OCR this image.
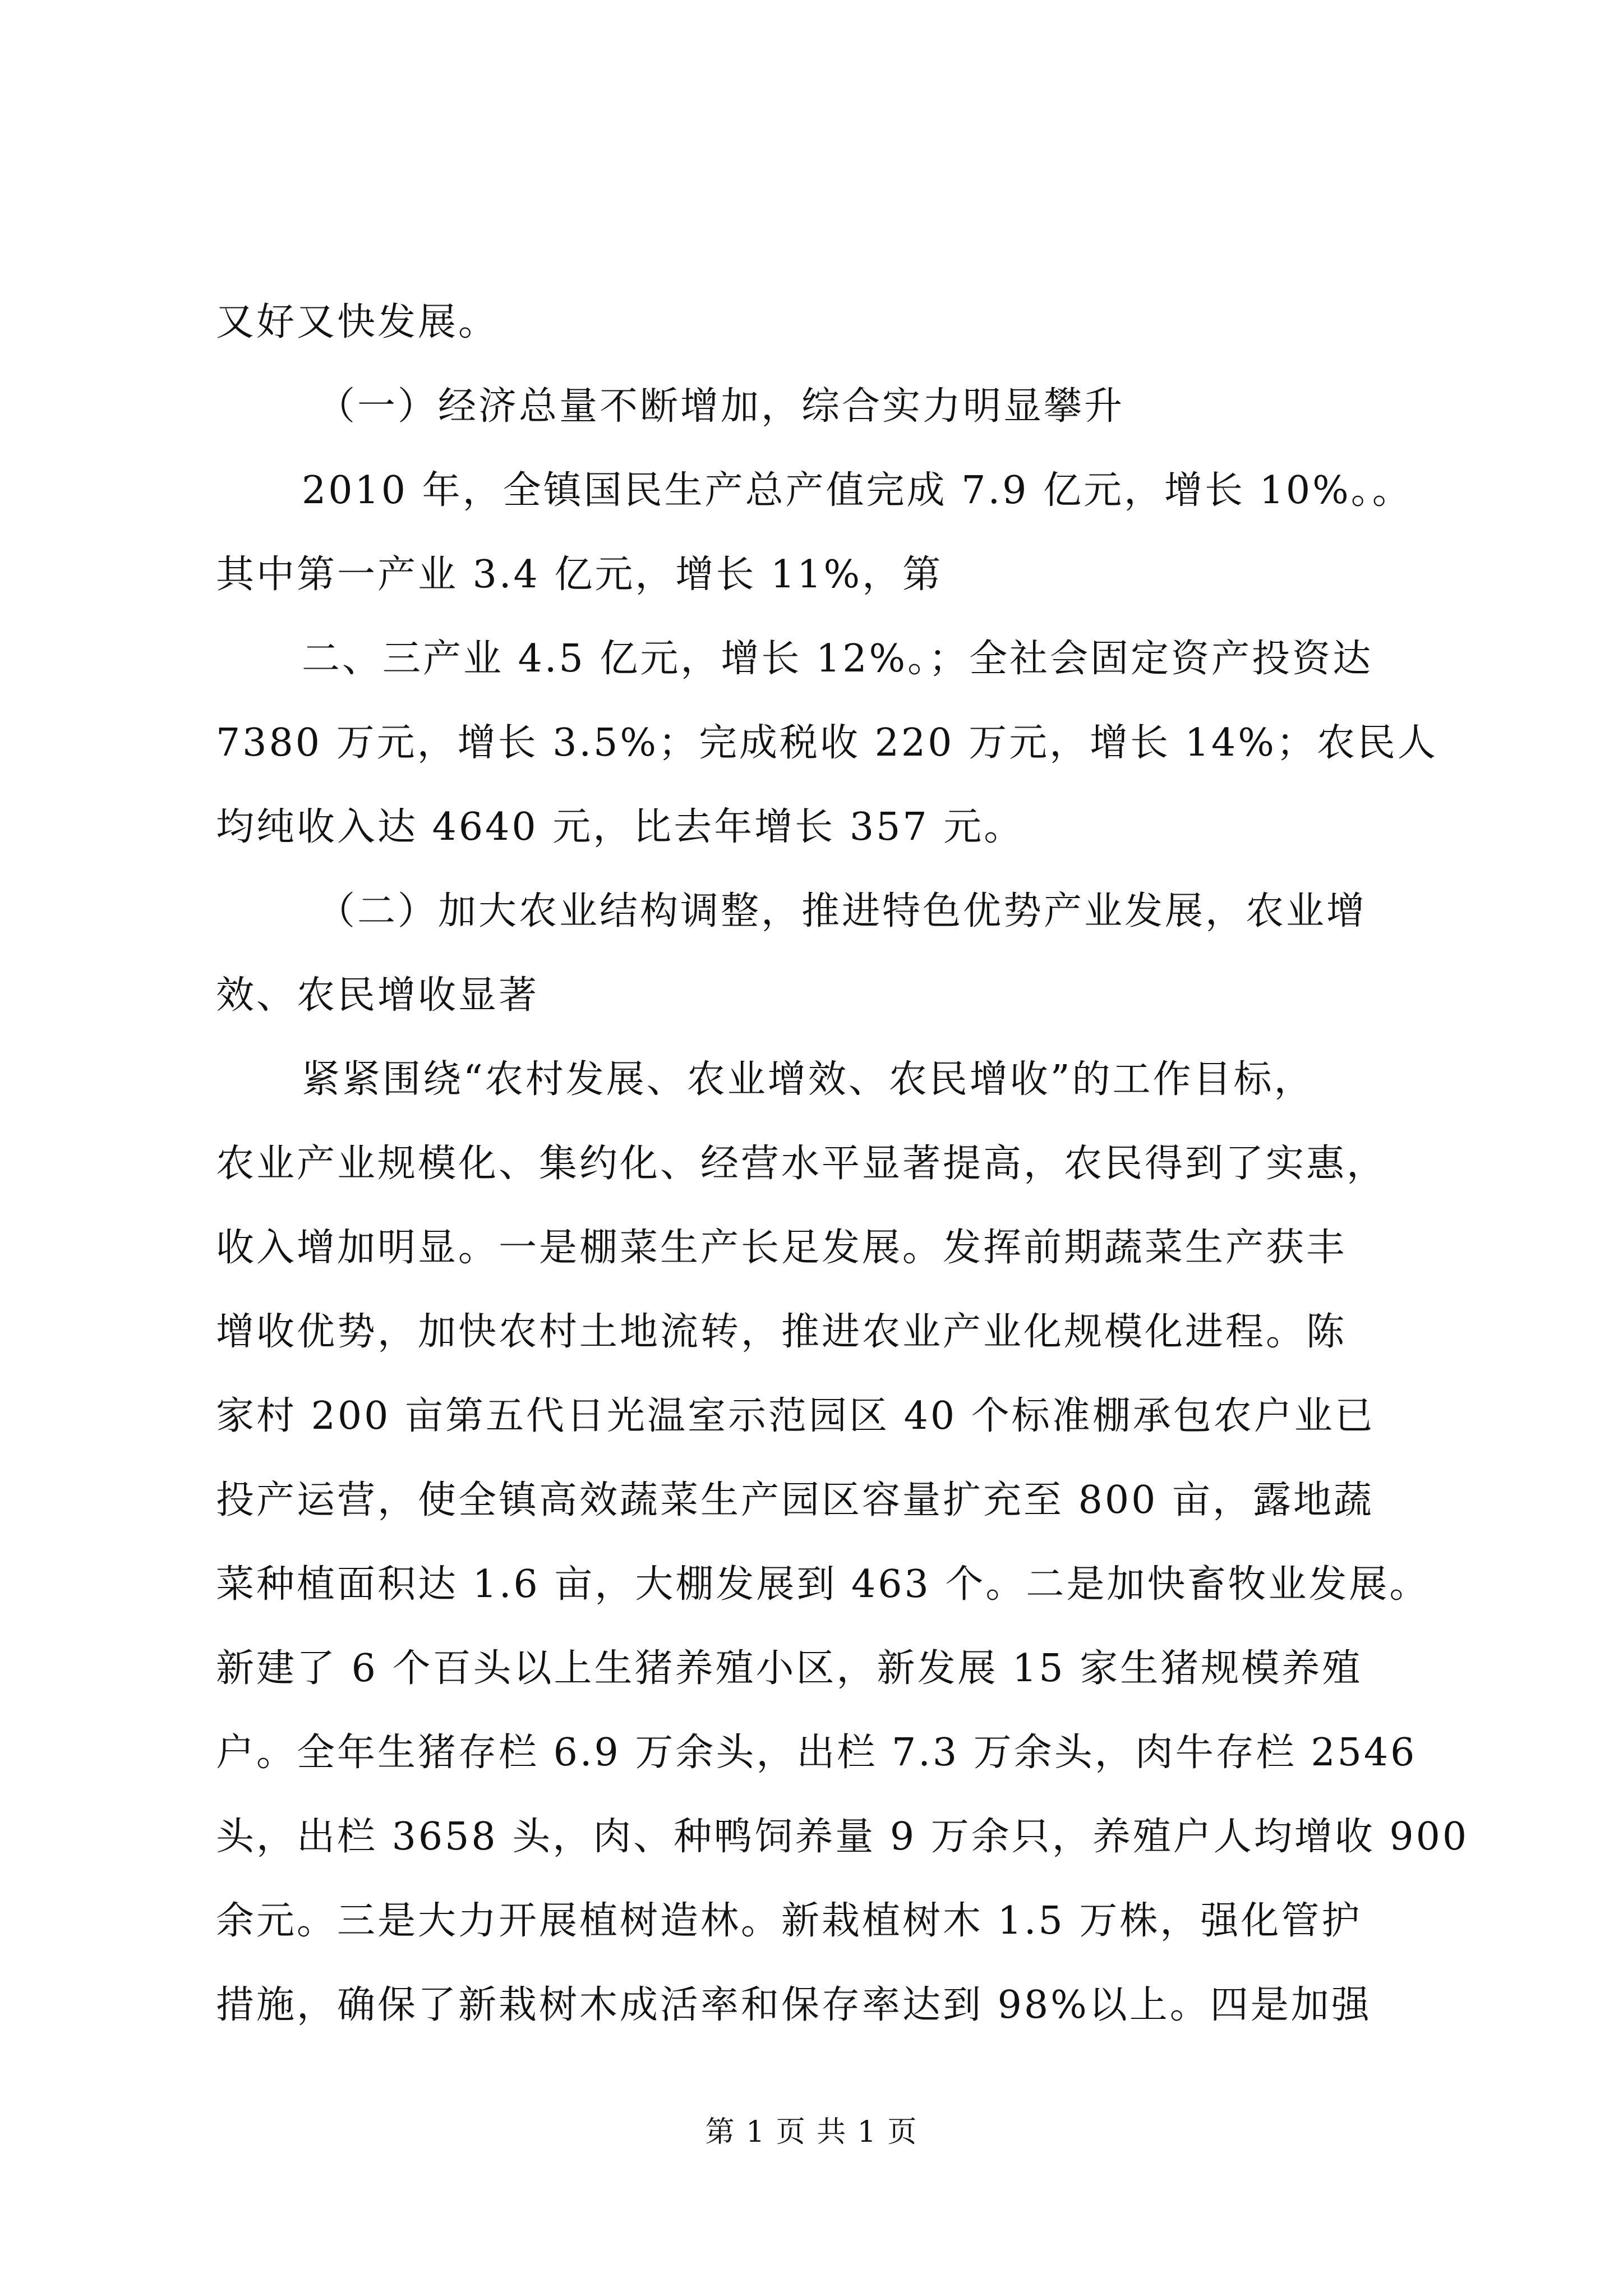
又好又快发展。
（一）经济总量不断增加，综合实力明显攀升
2010 年，全镇国民生产总产值完成 7.9 亿元，增长 10%。。
其中第一产业 3.4 亿元，增长 11%，第
二、三产业 4.5 亿元，增长 12%。；全社会固定资产投资达
7380 万元，增长 3.5%；完成税收 220 万元，增长 14%；农民人
均纯收入达 4640 元，比去年增长 357 元。
（二）加大农业结构调整，推进特色优势产业发展，农业增
效、农民增收显著
紧紧围绕“农村发展、农业增效、农民增收”的工作目标，
农业产业规模化、集约化、经营水平显著提高，农民得到了实惠，
收入增加明显。一是棚菜生产长足发展。发挥前期蔬菜生产获丰
增收优势，加快农村土地流转，推进农业产业化规模化进程。陈
家村 200 亩第五代日光温室示范园区 40 个标准棚承包农户业已
投产运营，使全镇高效蔬菜生产园区容量扩充至 800 亩，露地蔬
菜种植面积达 1.6 亩，大棚发展到 463 个。二是加快畜牧业发展。
新建了 6 个百头以上生猪养殖小区，新发展 15 家生猪规模养殖
户。全年生猪存栏 6.9 万余头，出栏 7.3 万余头，肉牛存栏 2546
头，出栏 3658 头，肉、种鸭饲养量 9 万余只，养殖户人均增收 900
余元。三是大力开展植树造林。新栽植树木 1.5 万株，强化管护
措施，确保了新栽树木成活率和保存率达到 98%以上。四是加强
第 1 页 共 1 页
